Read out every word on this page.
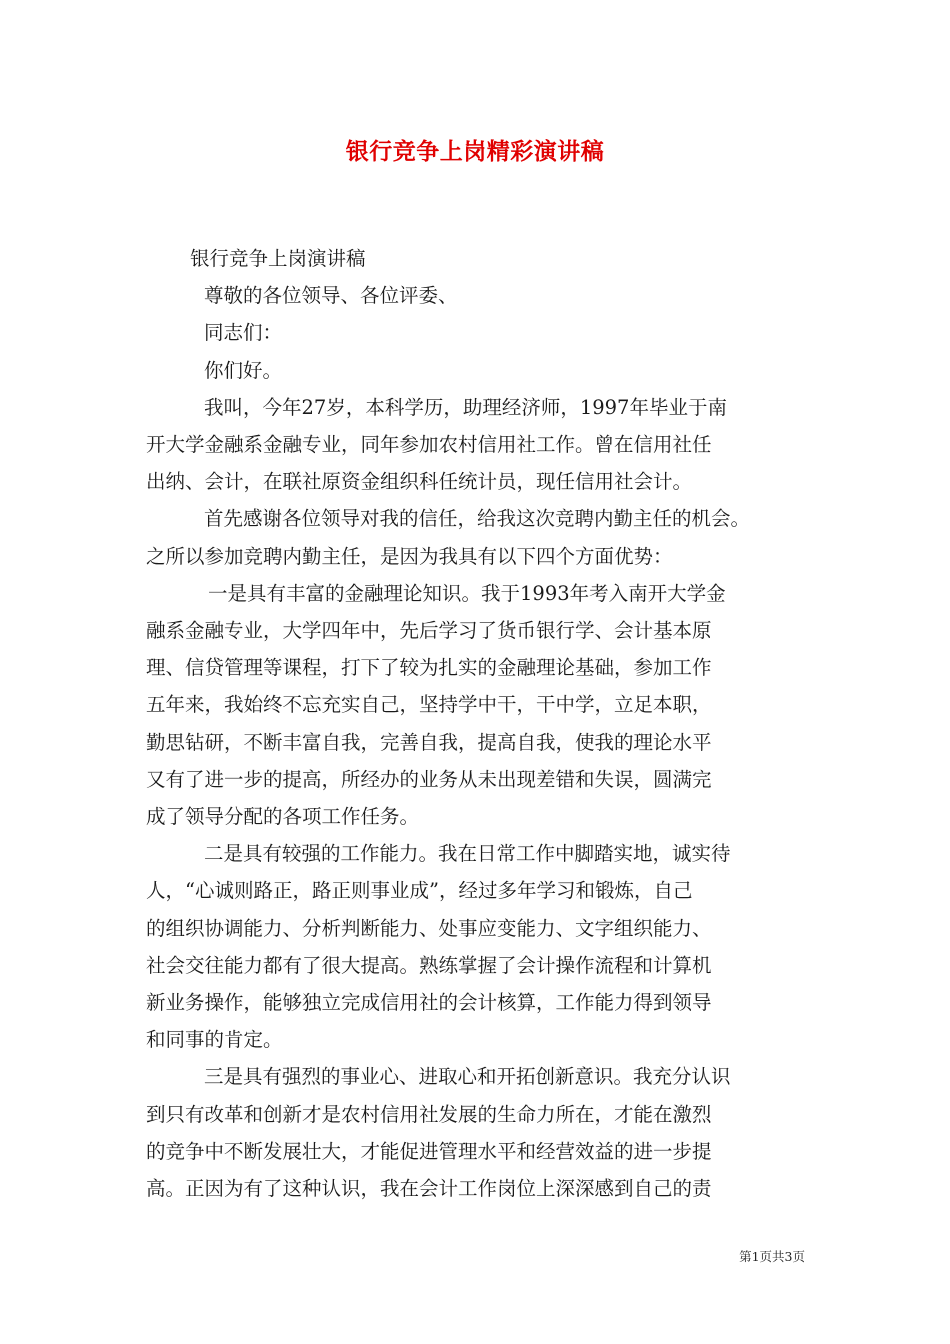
银行竞争上岗精彩演讲稿
银行竞争上岗演讲稿
尊敬的各位领导、各位评委、
同志们：
你们好。
我叫，今年27岁，本科学历，助理经济师，1997年毕业于南
开大学金融系金融专业，同年参加农村信用社工作。曾在信用社任
出纳、会计，在联社原资金组织科任统计员，现任信用社会计。
首先感谢各位领导对我的信任，给我这次竞聘内勤主任的机会。
之所以参加竞聘内勤主任，是因为我具有以下四个方面优势：
一是具有丰富的金融理论知识。我于1993年考入南开大学金
融系金融专业，大学四年中，先后学习了货币银行学、会计基本原
理、信贷管理等课程，打下了较为扎实的金融理论基础，参加工作
五年来，我始终不忘充实自己，坚持学中干，干中学，立足本职，
勤思钻研，不断丰富自我，完善自我，提高自我，使我的理论水平
又有了进一步的提高，所经办的业务从未出现差错和失误，圆满完
成了领导分配的各项工作任务。
二是具有较强的工作能力。我在日常工作中脚踏实地，诚实待
人，“心诚则路正，路正则事业成”，经过多年学习和锻炼，自己
的组织协调能力、分析判断能力、处事应变能力、文字组织能力、
社会交往能力都有了很大提高。熟练掌握了会计操作流程和计算机
新业务操作，能够独立完成信用社的会计核算，工作能力得到领导
和同事的肯定。
三是具有强烈的事业心、进取心和开拓创新意识。我充分认识
到只有改革和创新才是农村信用社发展的生命力所在，才能在激烈
的竞争中不断发展壮大，才能促进管理水平和经营效益的进一步提
高。正因为有了这种认识，我在会计工作岗位上深深感到自己的责
第1页共3页
